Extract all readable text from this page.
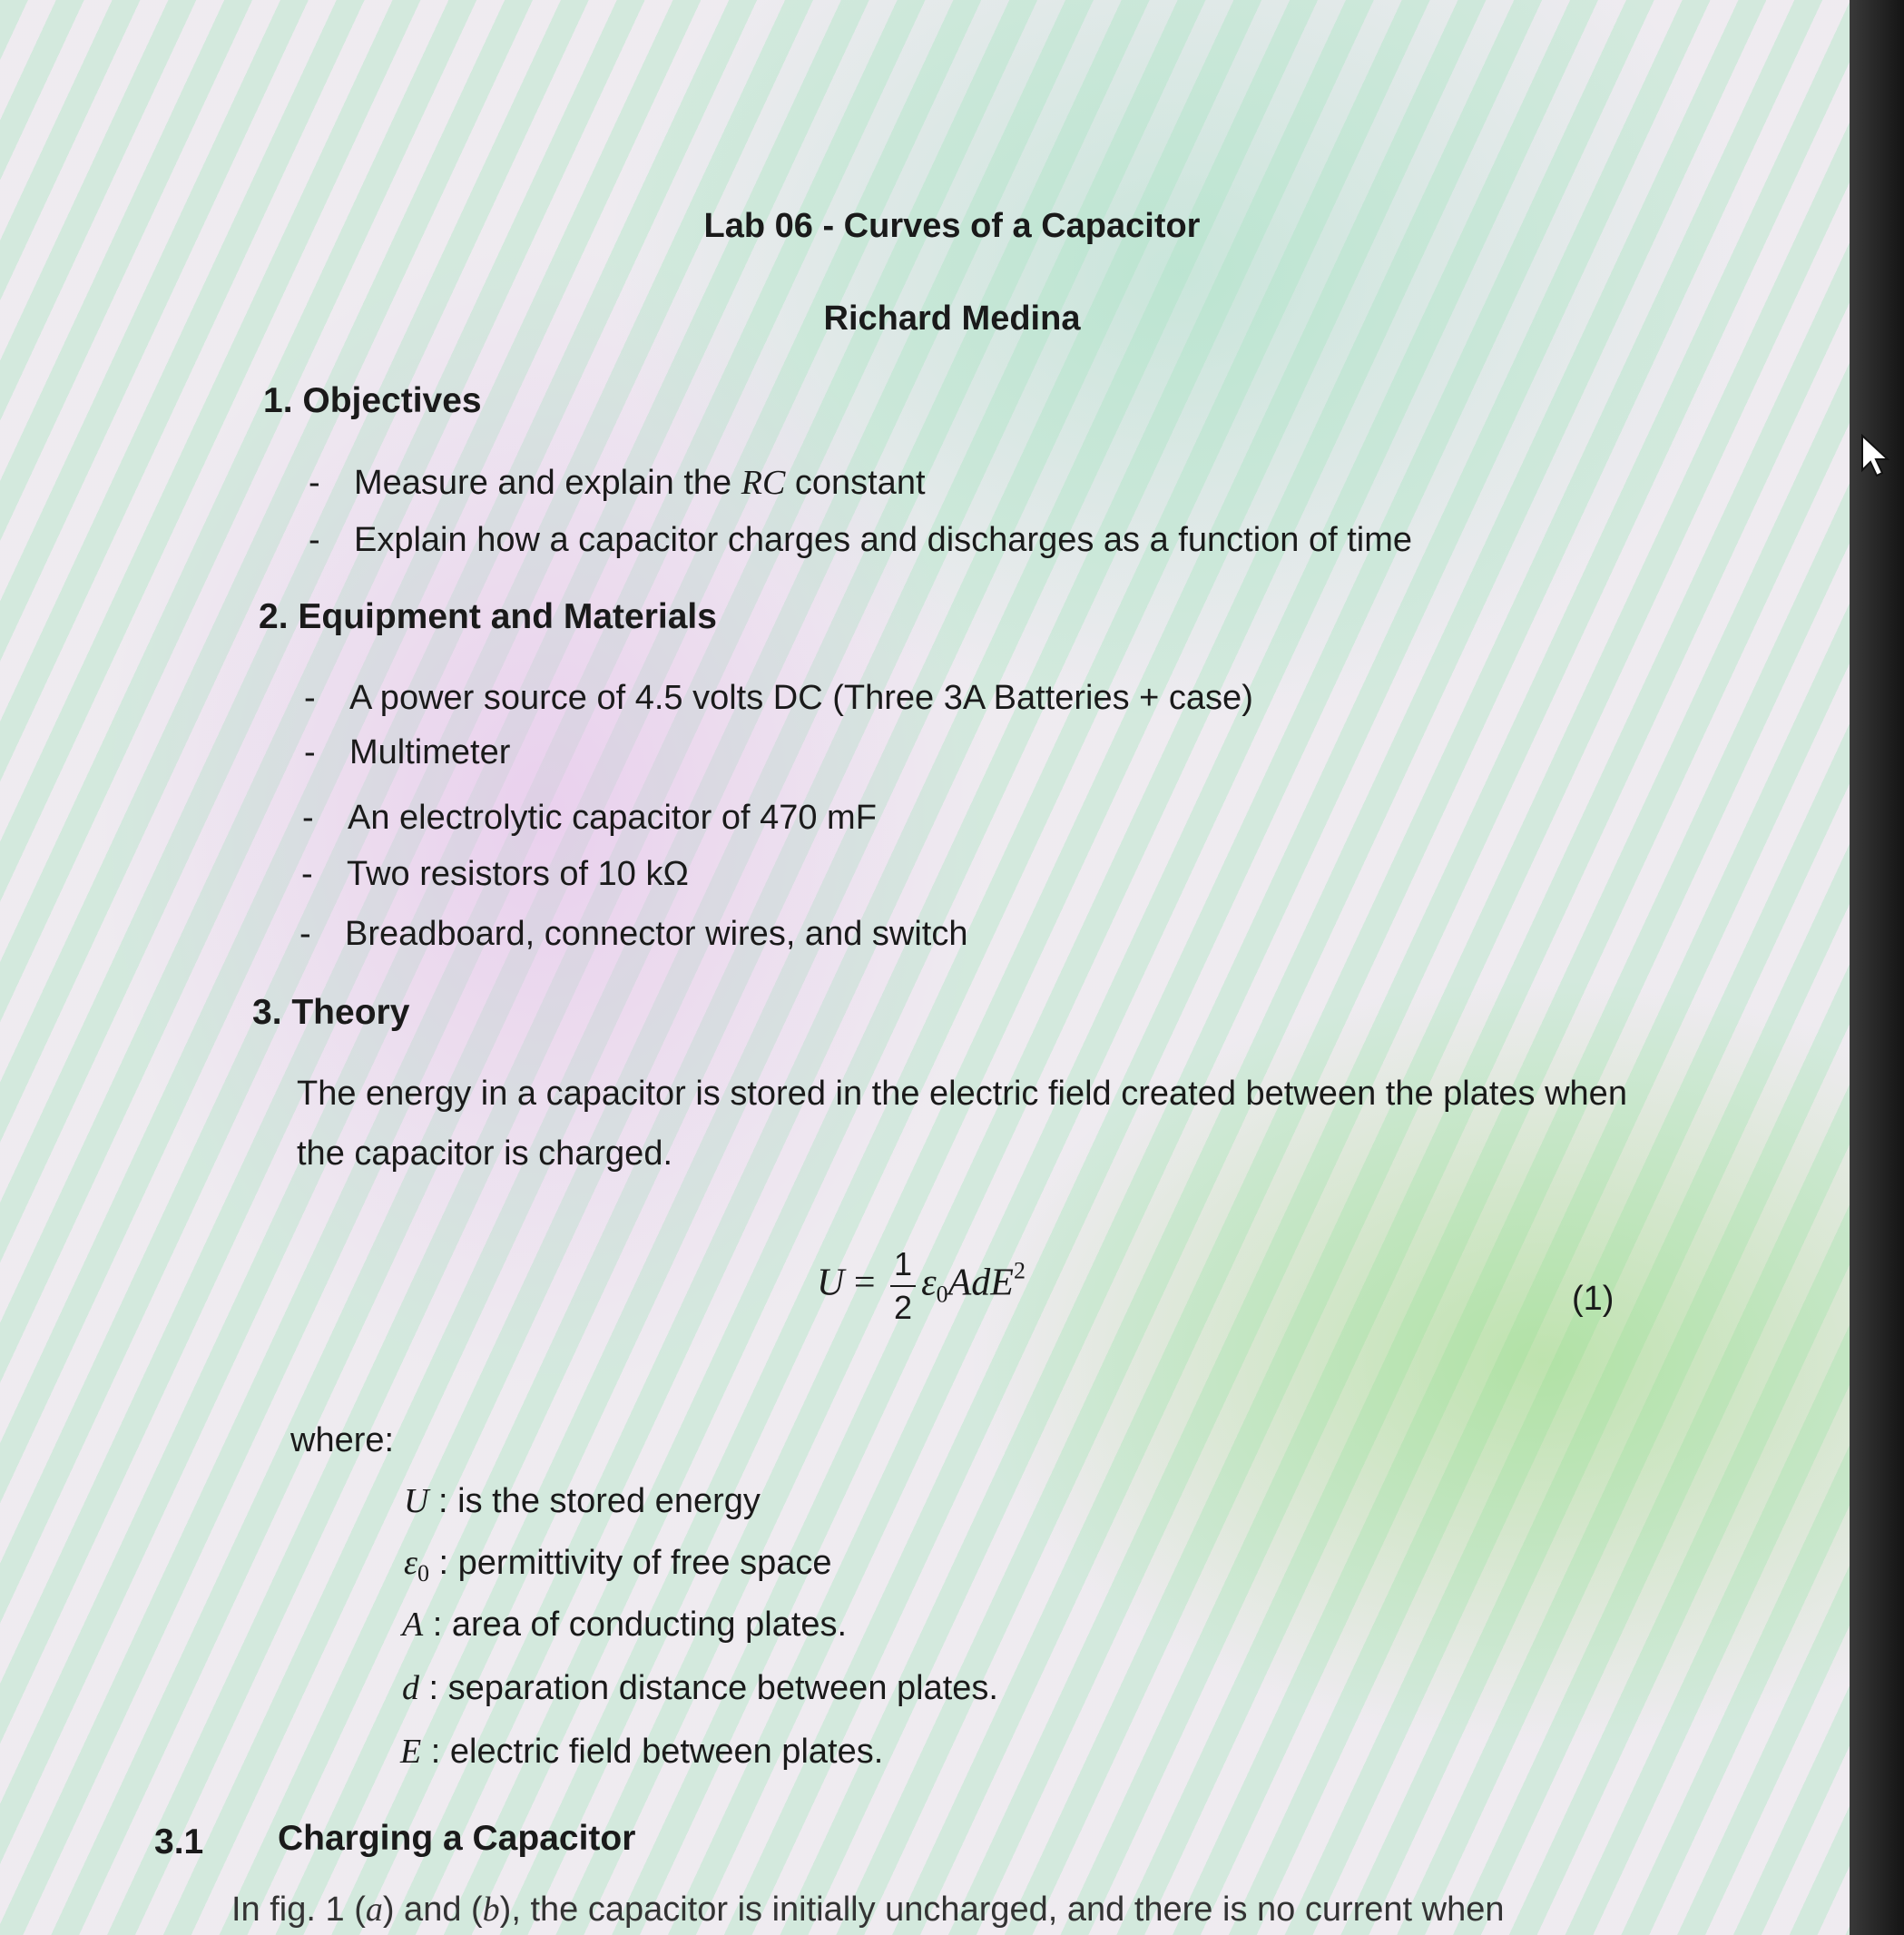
Lab 06 - Curves of a Capacitor
Richard Medina
1. Objectives
- Measure and explain the RC constant
- Explain how a capacitor charges and discharges as a function of time
2. Equipment and Materials
- A power source of 4.5 volts DC (Three 3A Batteries + case)
- Multimeter
- An electrolytic capacitor of 470 mF
- Two resistors of 10 kΩ
- Breadboard, connector wires, and switch
3. Theory
The energy in a capacitor is stored in the electric field created between the plates when
the capacitor is charged.
$U = \frac{1}{2} \varepsilon_0AdE^2$
(1)
where:
U : is the stored energy
$\varepsilon_0$ : permittivity of free space
A : area of conducting plates.
d : separation distance between plates.
E : electric field between plates.
3.1 Charging a Capacitor
In fig. 1 (a) and (b), the capacitor is initially uncharged, and there is no current when
